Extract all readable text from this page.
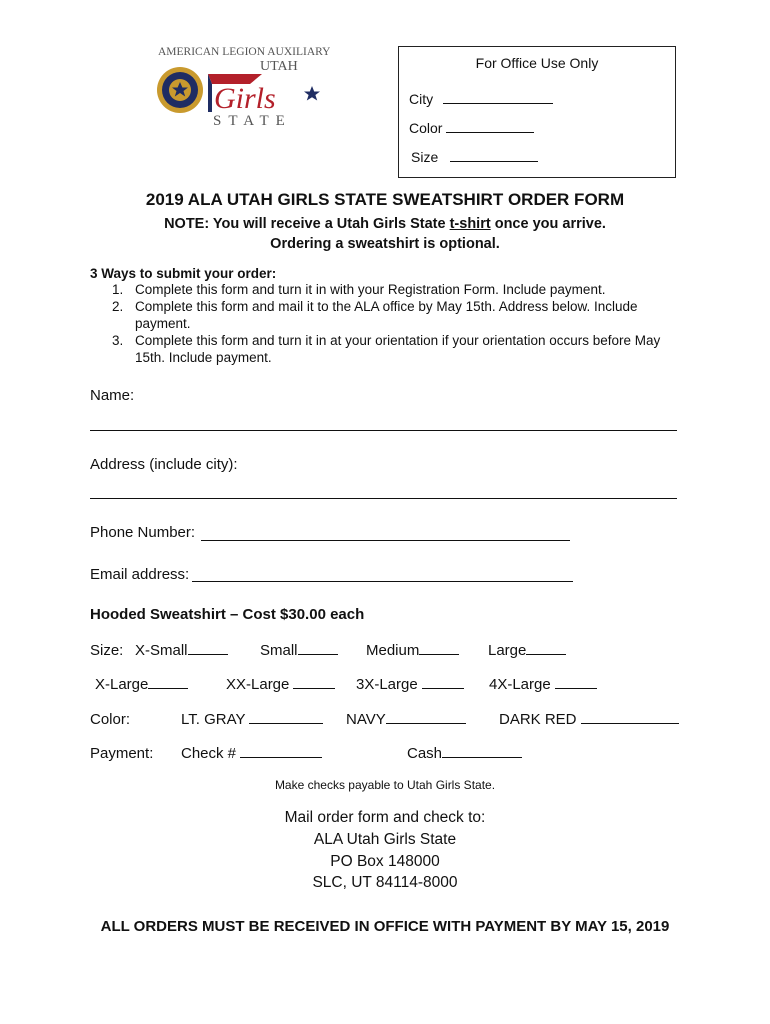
AMERICAN LEGION AUXILIARY
UTAH
Girls
STATE
For Office Use Only
City
Color
Size
2019 ALA UTAH GIRLS STATE SWEATSHIRT ORDER FORM
NOTE: You will receive a Utah Girls State t-shirt once you arrive.
Ordering a sweatshirt is optional.
3 Ways to submit your order:
1. Complete this form and turn it in with your Registration Form. Include payment.
2. Complete this form and mail it to the ALA office by May 15th. Address below. Include payment.
3. Complete this form and turn it in at your orientation if your orientation occurs before May 15th. Include payment.
Name:
Address (include city):
Phone Number:
Email address:
Hooded Sweatshirt – Cost $30.00 each
Size: X-Small	Small	Medium	Large
X-Large	XX-Large	3X-Large	4X-Large
Color:	LT. GRAY	NAVY	DARK RED
Payment: Check #	Cash
Make checks payable to Utah Girls State.
Mail order form and check to:
ALA Utah Girls State
PO Box 148000
SLC, UT 84114-8000
ALL ORDERS MUST BE RECEIVED IN OFFICE WITH PAYMENT BY MAY 15, 2019
